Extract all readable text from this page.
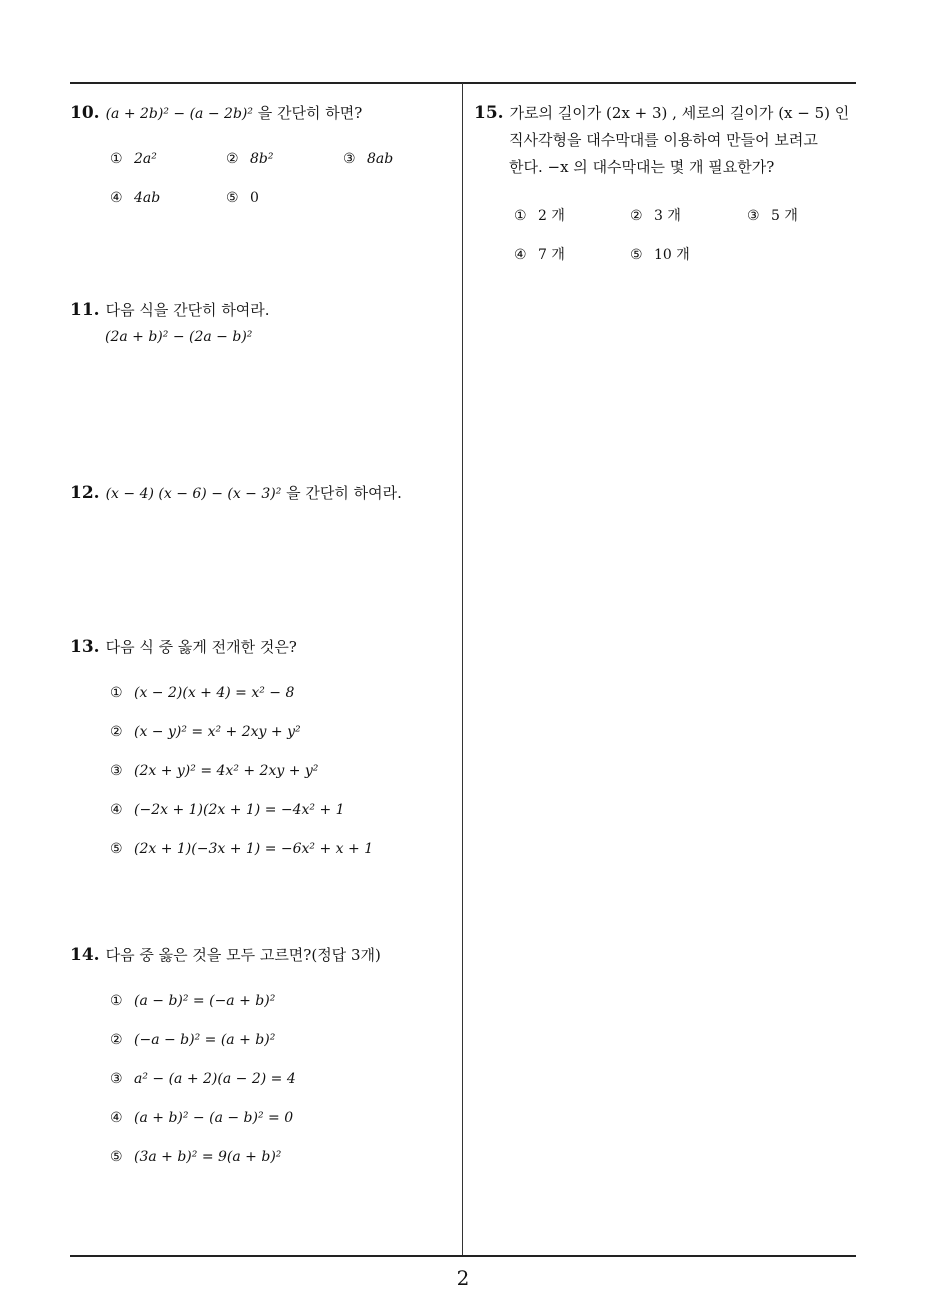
10. (a + 2b)² − (a − 2b)² 을 간단히 하면?
① 2a²	② 8b²	③ 8ab
④ 4ab	⑤ 0
11. 다음 식을 간단히 하여라.
(2a + b)² − (2a − b)²
12. (x − 4) (x − 6) − (x − 3)² 을 간단히 하여라.
13. 다음 식 중 옳게 전개한 것은?
① (x − 2)(x + 4) = x² − 8
② (x − y)² = x² + 2xy + y²
③ (2x + y)² = 4x² + 2xy + y²
④ (−2x + 1)(2x + 1) = −4x² + 1
⑤ (2x + 1)(−3x + 1) = −6x² + x + 1
14. 다음 중 옳은 것을 모두 고르면?(정답 3개)
① (a − b)² = (−a + b)²
② (−a − b)² = (a + b)²
③ a² − (a + 2)(a − 2) = 4
④ (a + b)² − (a − b)² = 0
⑤ (3a + b)² = 9(a + b)²
15. 가로의 길이가 (2x + 3) , 세로의 길이가 (x − 5) 인
직사각형을 대수막대를 이용하여 만들어 보려고
한다. −x 의 대수막대는 몇 개 필요한가?
① 2 개	② 3 개	③ 5 개
④ 7 개	⑤ 10 개
2
